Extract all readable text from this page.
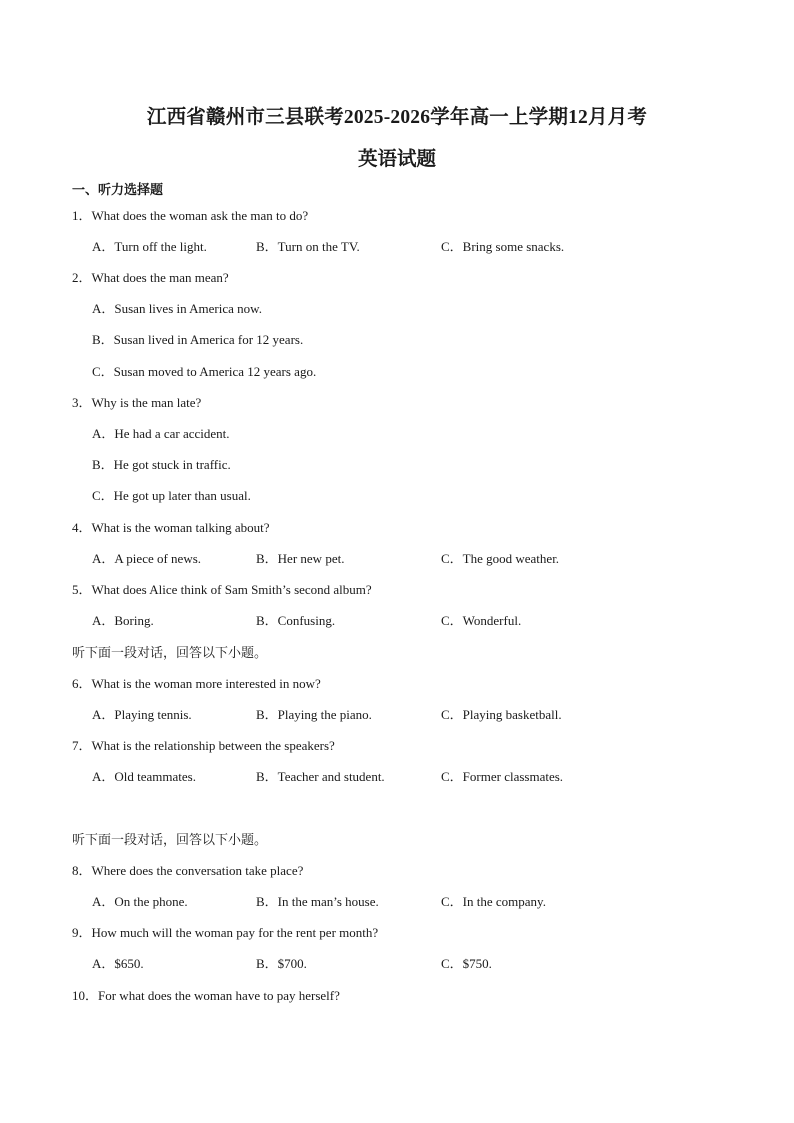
江西省赣州市三县联考2025-2026学年高一上学期12月月考
英语试题
一、听力选择题
1．What does the woman ask the man to do?
A．Turn off the light.	B．Turn on the TV.	C．Bring some snacks.
2．What does the man mean?
A．Susan lives in America now.
B．Susan lived in America for 12 years.
C．Susan moved to America 12 years ago.
3．Why is the man late?
A．He had a car accident.
B．He got stuck in traffic.
C．He got up later than usual.
4．What is the woman talking about?
A．A piece of news.	B．Her new pet.	C．The good weather.
5．What does Alice think of Sam Smith’s second album?
A．Boring.	B．Confusing.	C．Wonderful.
听下面一段对话，回答以下小题。
6．What is the woman more interested in now?
A．Playing tennis.	B．Playing the piano.	C．Playing basketball.
7．What is the relationship between the speakers?
A．Old teammates.	B．Teacher and student.	C．Former classmates.
听下面一段对话，回答以下小题。
8．Where does the conversation take place?
A．On the phone.	B．In the man’s house.	C．In the company.
9．How much will the woman pay for the rent per month?
A．$650.	B．$700.	C．$750.
10．For what does the woman have to pay herself?
